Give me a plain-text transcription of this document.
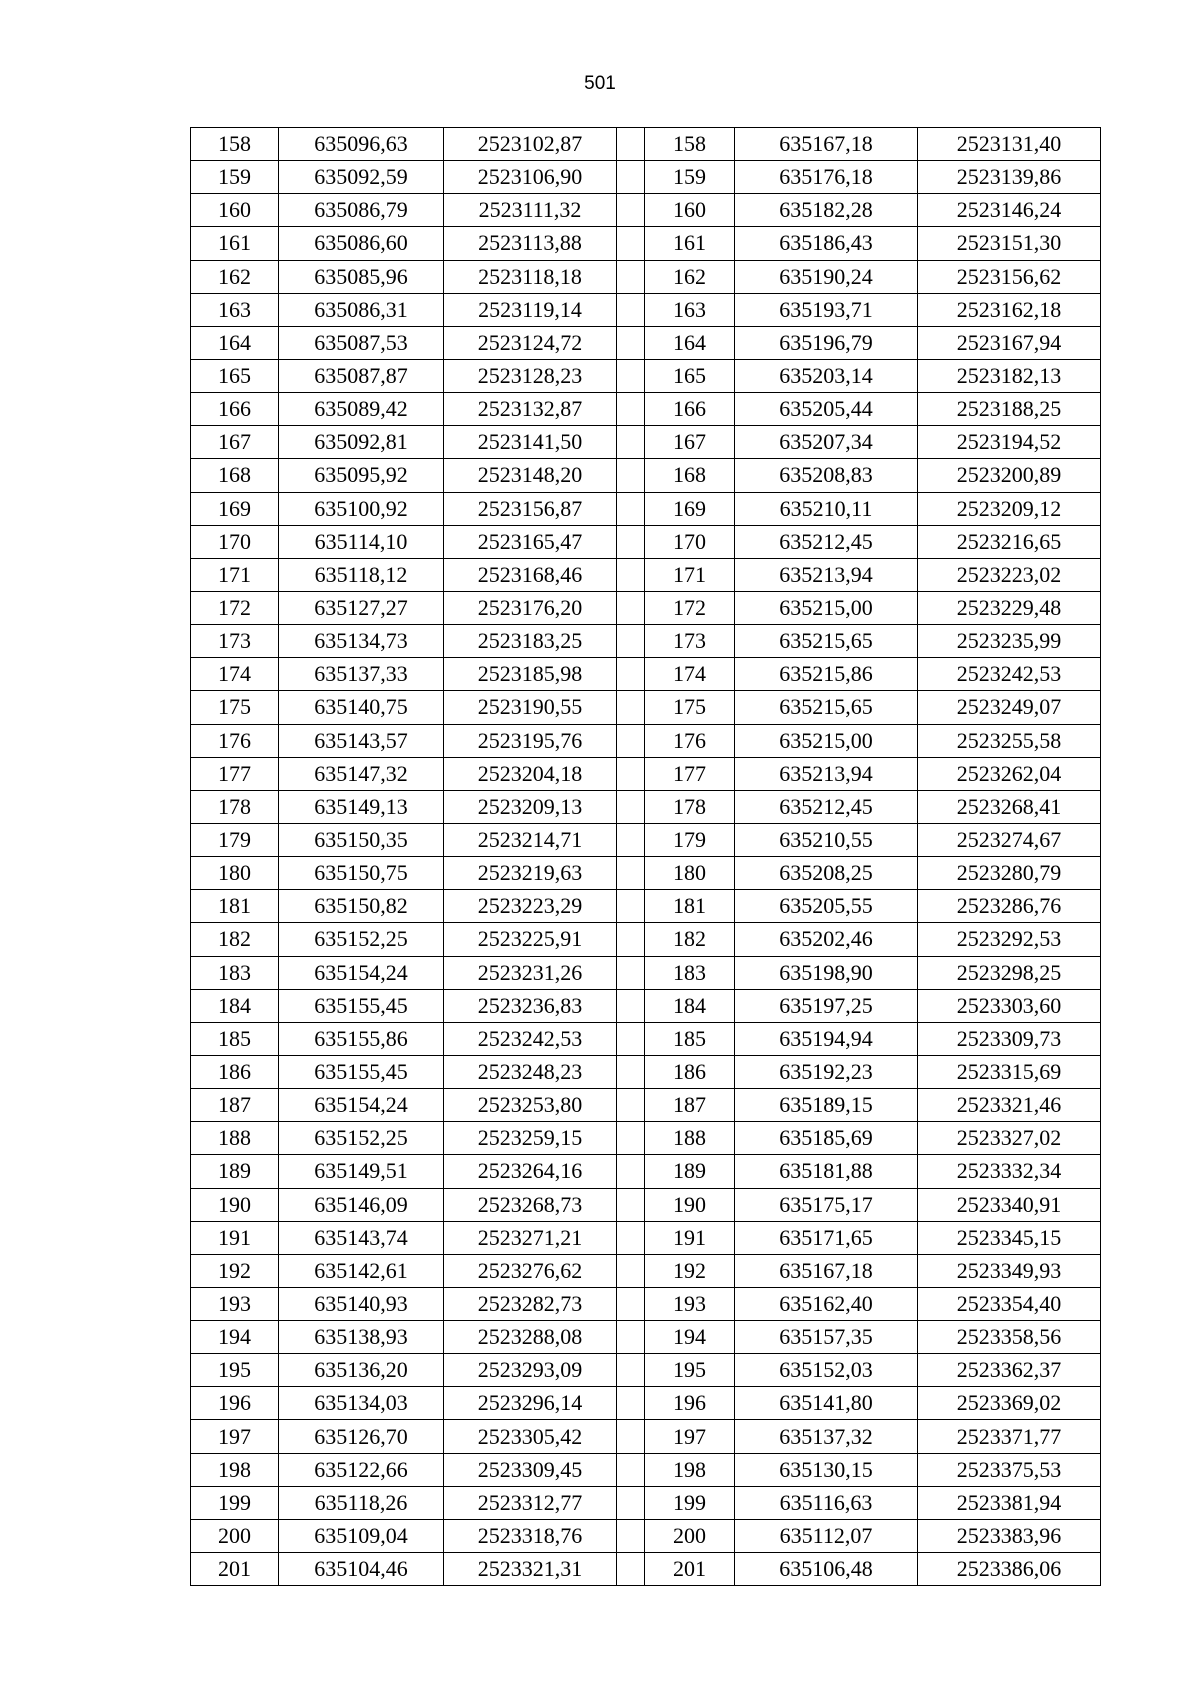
501
158	635096,63	2523102,87		158	635167,18	2523131,40
159	635092,59	2523106,90		159	635176,18	2523139,86
160	635086,79	2523111,32		160	635182,28	2523146,24
161	635086,60	2523113,88		161	635186,43	2523151,30
162	635085,96	2523118,18		162	635190,24	2523156,62
163	635086,31	2523119,14		163	635193,71	2523162,18
164	635087,53	2523124,72		164	635196,79	2523167,94
165	635087,87	2523128,23		165	635203,14	2523182,13
166	635089,42	2523132,87		166	635205,44	2523188,25
167	635092,81	2523141,50		167	635207,34	2523194,52
168	635095,92	2523148,20		168	635208,83	2523200,89
169	635100,92	2523156,87		169	635210,11	2523209,12
170	635114,10	2523165,47		170	635212,45	2523216,65
171	635118,12	2523168,46		171	635213,94	2523223,02
172	635127,27	2523176,20		172	635215,00	2523229,48
173	635134,73	2523183,25		173	635215,65	2523235,99
174	635137,33	2523185,98		174	635215,86	2523242,53
175	635140,75	2523190,55		175	635215,65	2523249,07
176	635143,57	2523195,76		176	635215,00	2523255,58
177	635147,32	2523204,18		177	635213,94	2523262,04
178	635149,13	2523209,13		178	635212,45	2523268,41
179	635150,35	2523214,71		179	635210,55	2523274,67
180	635150,75	2523219,63		180	635208,25	2523280,79
181	635150,82	2523223,29		181	635205,55	2523286,76
182	635152,25	2523225,91		182	635202,46	2523292,53
183	635154,24	2523231,26		183	635198,90	2523298,25
184	635155,45	2523236,83		184	635197,25	2523303,60
185	635155,86	2523242,53		185	635194,94	2523309,73
186	635155,45	2523248,23		186	635192,23	2523315,69
187	635154,24	2523253,80		187	635189,15	2523321,46
188	635152,25	2523259,15		188	635185,69	2523327,02
189	635149,51	2523264,16		189	635181,88	2523332,34
190	635146,09	2523268,73		190	635175,17	2523340,91
191	635143,74	2523271,21		191	635171,65	2523345,15
192	635142,61	2523276,62		192	635167,18	2523349,93
193	635140,93	2523282,73		193	635162,40	2523354,40
194	635138,93	2523288,08		194	635157,35	2523358,56
195	635136,20	2523293,09		195	635152,03	2523362,37
196	635134,03	2523296,14		196	635141,80	2523369,02
197	635126,70	2523305,42		197	635137,32	2523371,77
198	635122,66	2523309,45		198	635130,15	2523375,53
199	635118,26	2523312,77		199	635116,63	2523381,94
200	635109,04	2523318,76		200	635112,07	2523383,96
201	635104,46	2523321,31		201	635106,48	2523386,06
